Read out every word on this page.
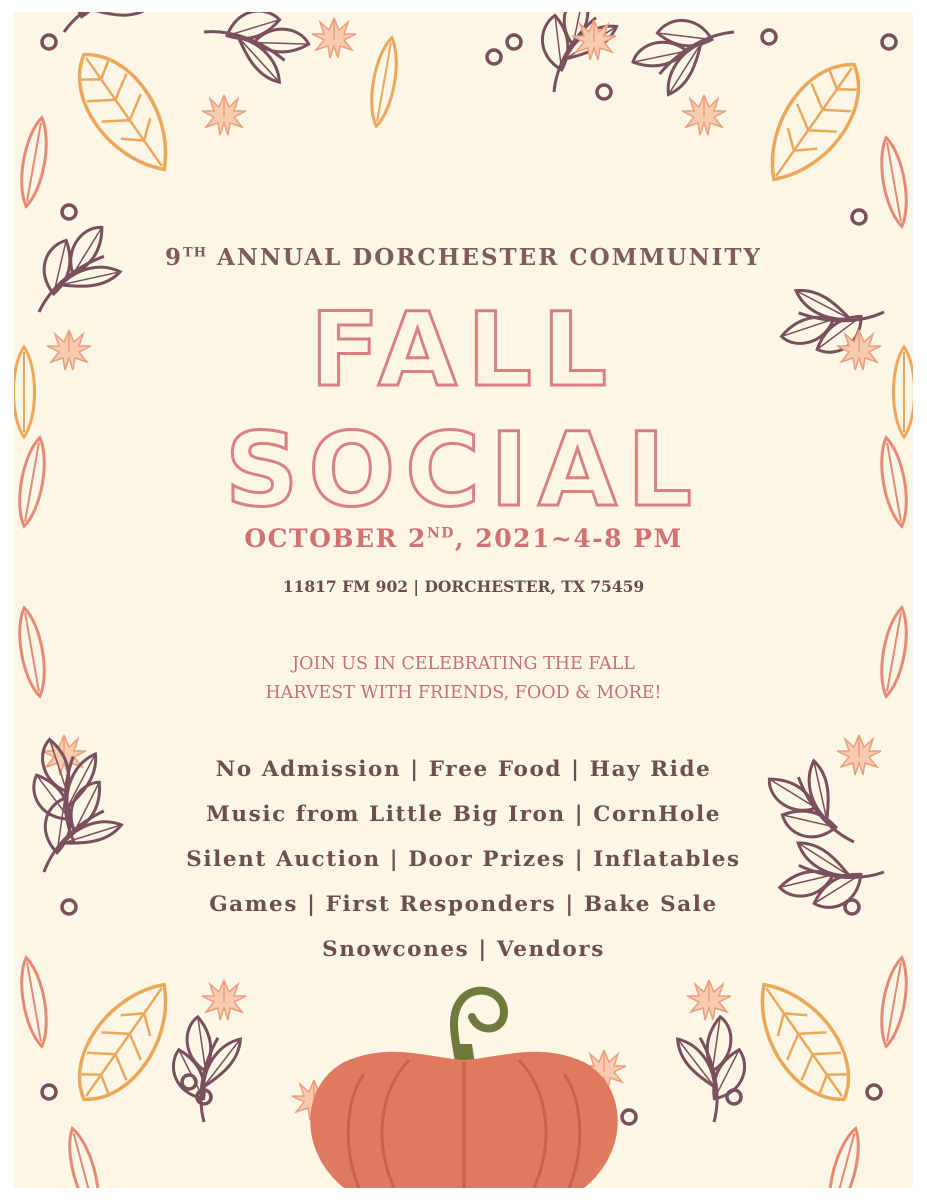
9TH ANNUAL DORCHESTER COMMUNITY
FALL
SOCIAL
OCTOBER 2ND, 2021~4-8 PM
11817 FM 902 | DORCHESTER, TX 75459
JOIN US IN CELEBRATING THE FALL
HARVEST WITH FRIENDS, FOOD & MORE!
No Admission | Free Food | Hay Ride
Music from Little Big Iron | CornHole
Silent Auction | Door Prizes | Inflatables
Games | First Responders | Bake Sale
Snowcones | Vendors
